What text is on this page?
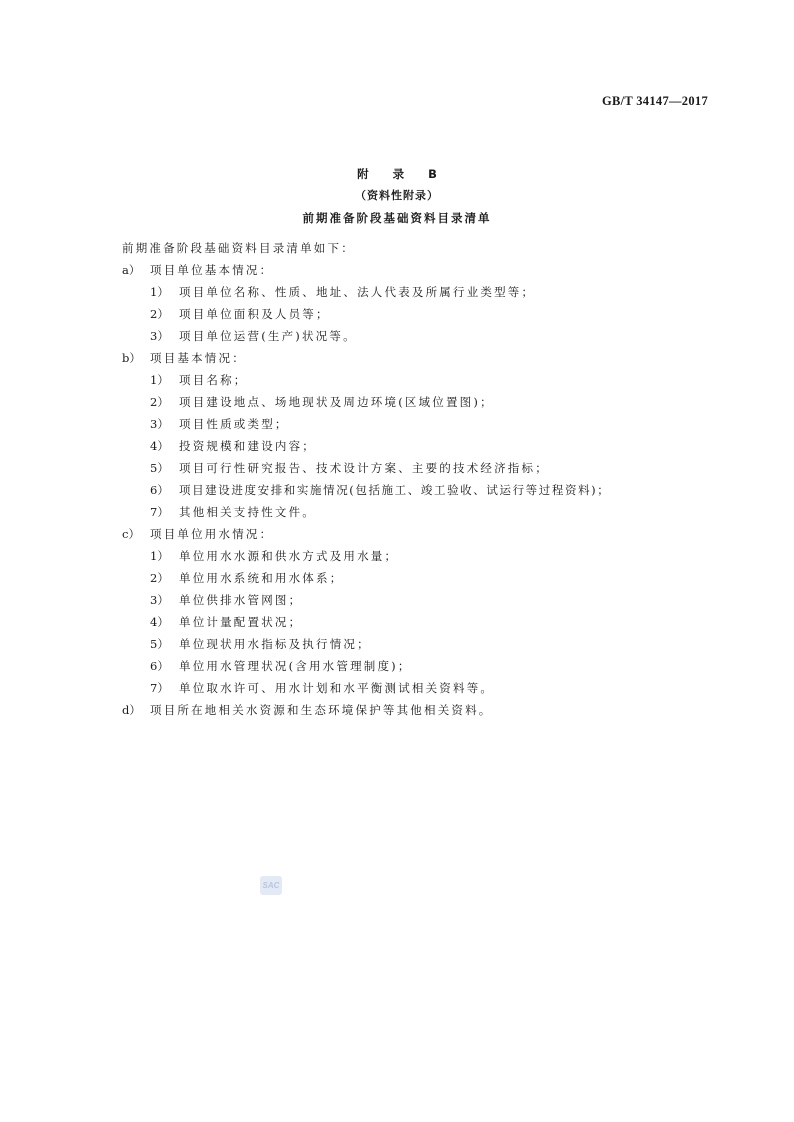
GB/T 34147—2017
附 录 B
（资料性附录）
前期准备阶段基础资料目录清单
前期准备阶段基础资料目录清单如下：
a） 项目单位基本情况：
1） 项目单位名称、性质、地址、法人代表及所属行业类型等；
2） 项目单位面积及人员等；
3） 项目单位运营(生产)状况等。
b） 项目基本情况：
1） 项目名称；
2） 项目建设地点、场地现状及周边环境(区域位置图)；
3） 项目性质或类型；
4） 投资规模和建设内容；
5） 项目可行性研究报告、技术设计方案、主要的技术经济指标；
6） 项目建设进度安排和实施情况(包括施工、竣工验收、试运行等过程资料)；
7） 其他相关支持性文件。
c） 项目单位用水情况：
1） 单位用水水源和供水方式及用水量；
2） 单位用水系统和用水体系；
3） 单位供排水管网图；
4） 单位计量配置状况；
5） 单位现状用水指标及执行情况；
6） 单位用水管理状况(含用水管理制度)；
7） 单位取水许可、用水计划和水平衡测试相关资料等。
d） 项目所在地相关水资源和生态环境保护等其他相关资料。
SAC
